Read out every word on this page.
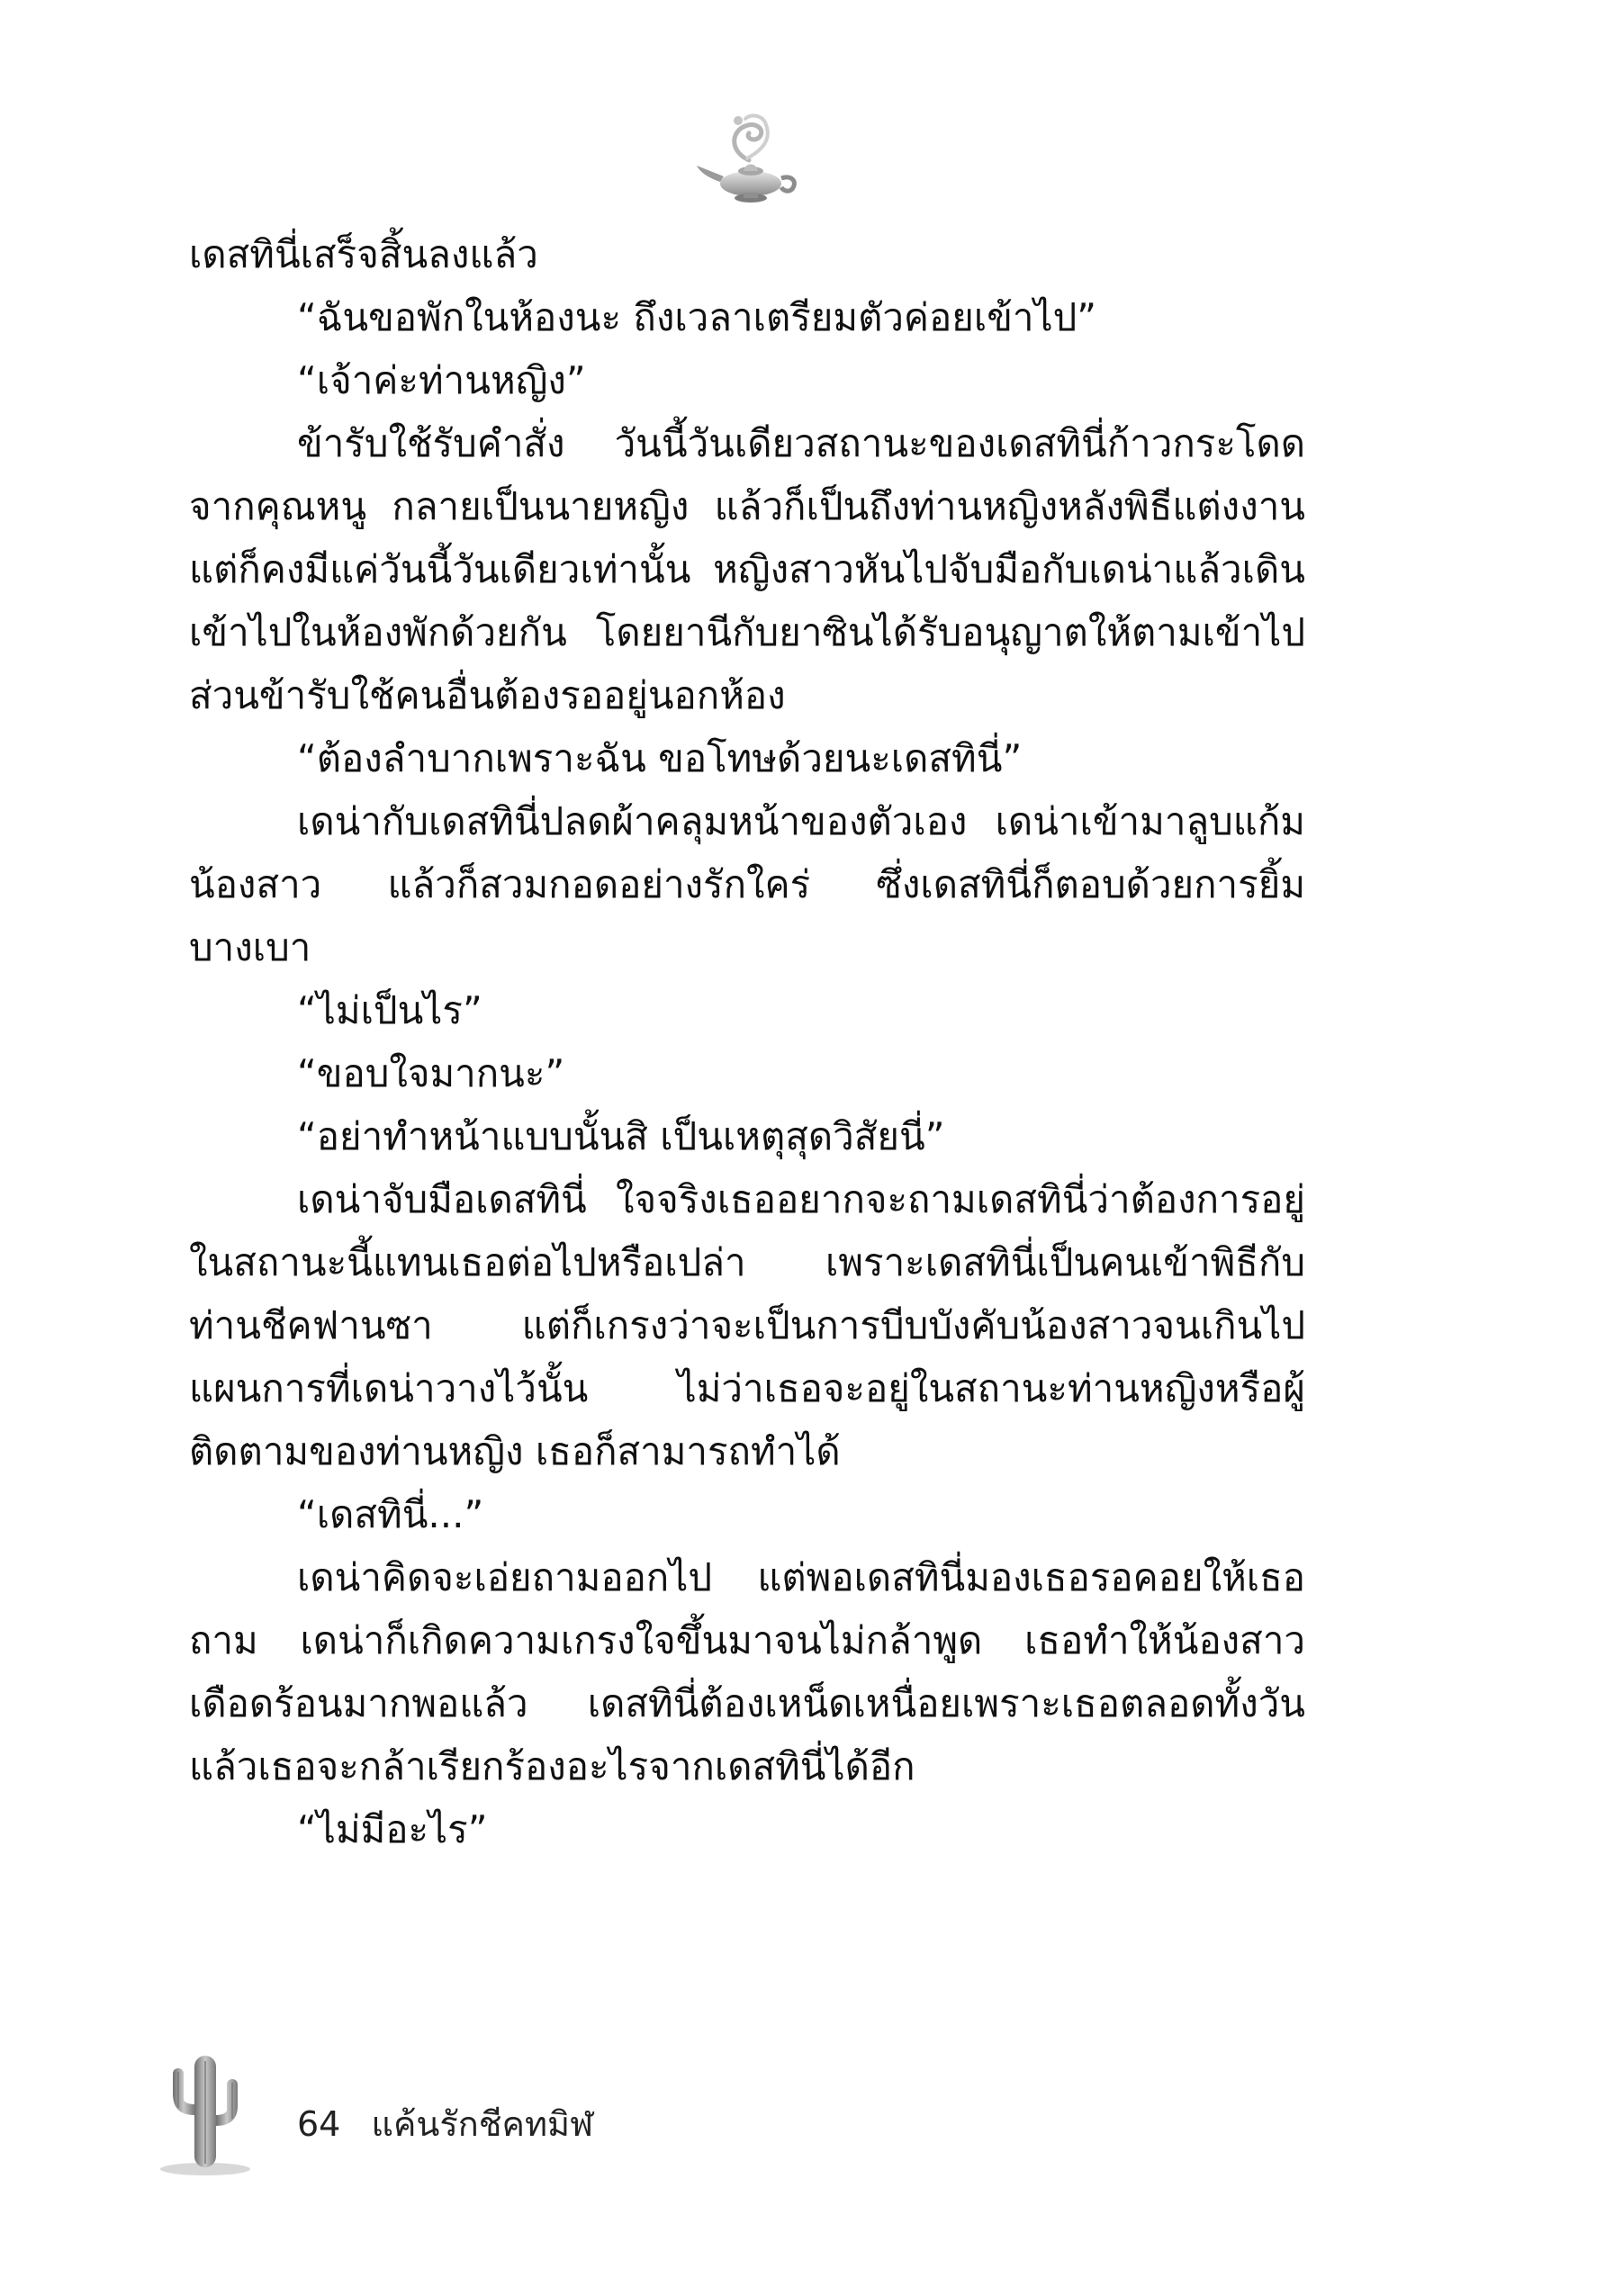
เดสทินี่เสร็จสิ้นลงแล้ว

“ฉันขอพักในห้องนะ ถึงเวลาเตรียมตัวค่อยเข้าไป”

“เจ้าค่ะท่านหญิง”

ข้ารับใช้รับคำสั่ง วันนี้วันเดียวสถานะของเดสทินี่ก้าวกระโดดจากคุณหนู กลายเป็นนายหญิง แล้วก็เป็นถึงท่านหญิงหลังพิธีแต่งงาน แต่ก็คงมีแค่วันนี้วันเดียวเท่านั้น หญิงสาวหันไปจับมือกับเดน่าแล้วเดินเข้าไปในห้องพักด้วยกัน โดยยานีกับยาซินได้รับอนุญาตให้ตามเข้าไป ส่วนข้ารับใช้คนอื่นต้องรออยู่นอกห้อง

“ต้องลำบากเพราะฉัน ขอโทษด้วยนะเดสทินี่”

เดน่ากับเดสทินี่ปลดผ้าคลุมหน้าของตัวเอง เดน่าเข้ามาลูบแก้มน้องสาว แล้วก็สวมกอดอย่างรักใคร่ ซึ่งเดสทินี่ก็ตอบด้วยการยิ้มบางเบา

“ไม่เป็นไร”

“ขอบใจมากนะ”

“อย่าทำหน้าแบบนั้นสิ เป็นเหตุสุดวิสัยนี่”

เดน่าจับมือเดสทินี่ ใจจริงเธออยากจะถามเดสทินี่ว่าต้องการอยู่ในสถานะนี้แทนเธอต่อไปหรือเปล่า เพราะเดสทินี่เป็นคนเข้าพิธีกับท่านชีคฟานซา แต่ก็เกรงว่าจะเป็นการบีบบังคับน้องสาวจนเกินไป แผนการที่เดน่าวางไว้นั้น ไม่ว่าเธอจะอยู่ในสถานะท่านหญิงหรือผู้ติดตามของท่านหญิง เธอก็สามารถทำได้

“เดสทินี่...”

เดน่าคิดจะเอ่ยถามออกไป แต่พอเดสทินี่มองเธอรอคอยให้เธอถาม เดน่าก็เกิดความเกรงใจขึ้นมาจนไม่กล้าพูด เธอทำให้น้องสาวเดือดร้อนมากพอแล้ว เดสทินี่ต้องเหน็ดเหนื่อยเพราะเธอตลอดทั้งวัน แล้วเธอจะกล้าเรียกร้องอะไรจากเดสทินี่ได้อีก

“ไม่มีอะไร”

64 แค้นรักชีคทมิฬ
